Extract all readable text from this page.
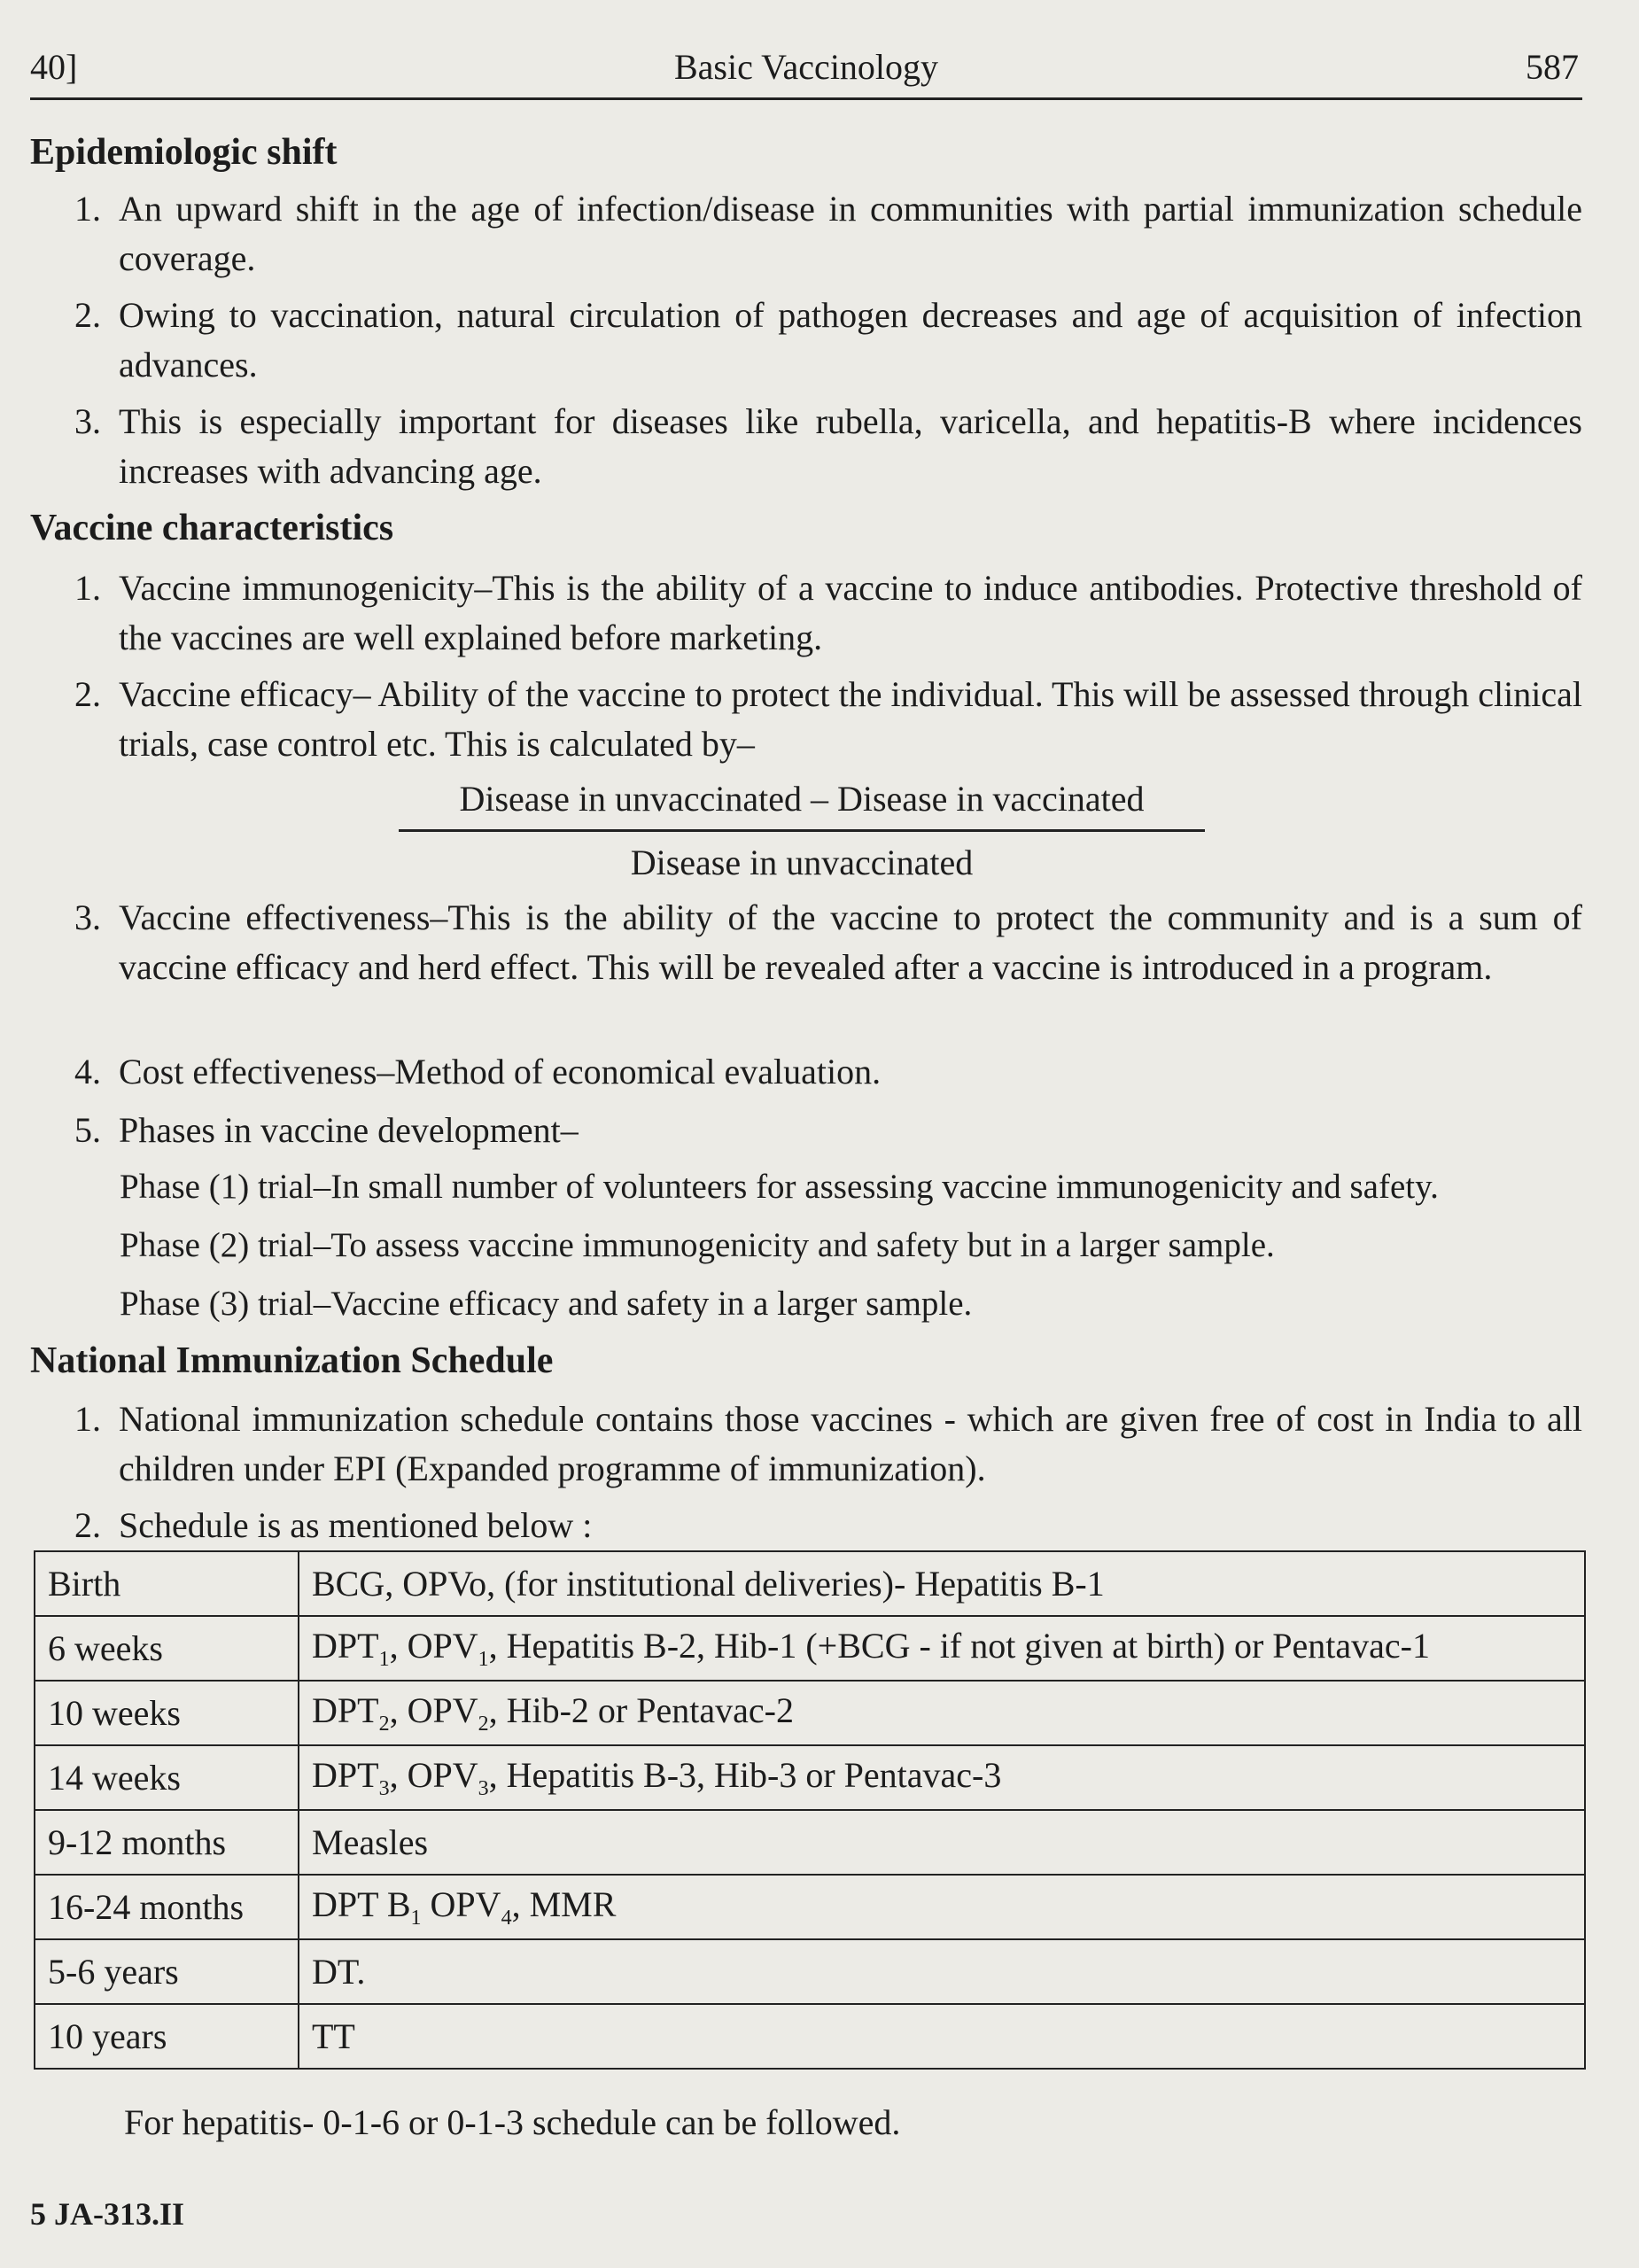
40]	Basic Vaccinology	587
Epidemiologic shift
1. An upward shift in the age of infection/disease in communities with partial immunization schedule coverage.
2. Owing to vaccination, natural circulation of pathogen decreases and age of acquisition of infection advances.
3. This is especially important for diseases like rubella, varicella, and hepatitis-B where incidences increases with advancing age.
Vaccine characteristics
1. Vaccine immunogenicity–This is the ability of a vaccine to induce antibodies. Protective threshold of the vaccines are well explained before marketing.
2. Vaccine efficacy– Ability of the vaccine to protect the individual. This will be assessed through clinical trials, case control etc. This is calculated by–
Disease in unvaccinated – Disease in vaccinated
Disease in unvaccinated
3. Vaccine effectiveness–This is the ability of the vaccine to protect the community and is a sum of vaccine efficacy and herd effect. This will be revealed after a vaccine is introduced in a program.
4. Cost effectiveness–Method of economical evaluation.
5. Phases in vaccine development–
Phase (1) trial–In small number of volunteers for assessing vaccine immunogenicity and safety.
Phase (2) trial–To assess vaccine immunogenicity and safety but in a larger sample.
Phase (3) trial–Vaccine efficacy and safety in a larger sample.
National Immunization Schedule
1. National immunization schedule contains those vaccines - which are given free of cost in India to all children under EPI (Expanded programme of immunization).
2. Schedule is as mentioned below :
Birth	BCG, OPVo, (for institutional deliveries)- Hepatitis B-1
6 weeks	$DPT_1$, $OPV_1$, Hepatitis B-2, Hib-1 (+BCG - if not given at birth) or Pentavac-1
10 weeks	$DPT_2$, $OPV_2$, Hib-2 or Pentavac-2
14 weeks	$DPT_3$, $OPV_3$, Hepatitis B-3, Hib-3 or Pentavac-3
9-12 months	Measles
16-24 months	DPT $B_1$ $OPV_4$, MMR
5-6 years	DT.
10 years	TT
For hepatitis- 0-1-6 or 0-1-3 schedule can be followed.
5 JA-313.II
